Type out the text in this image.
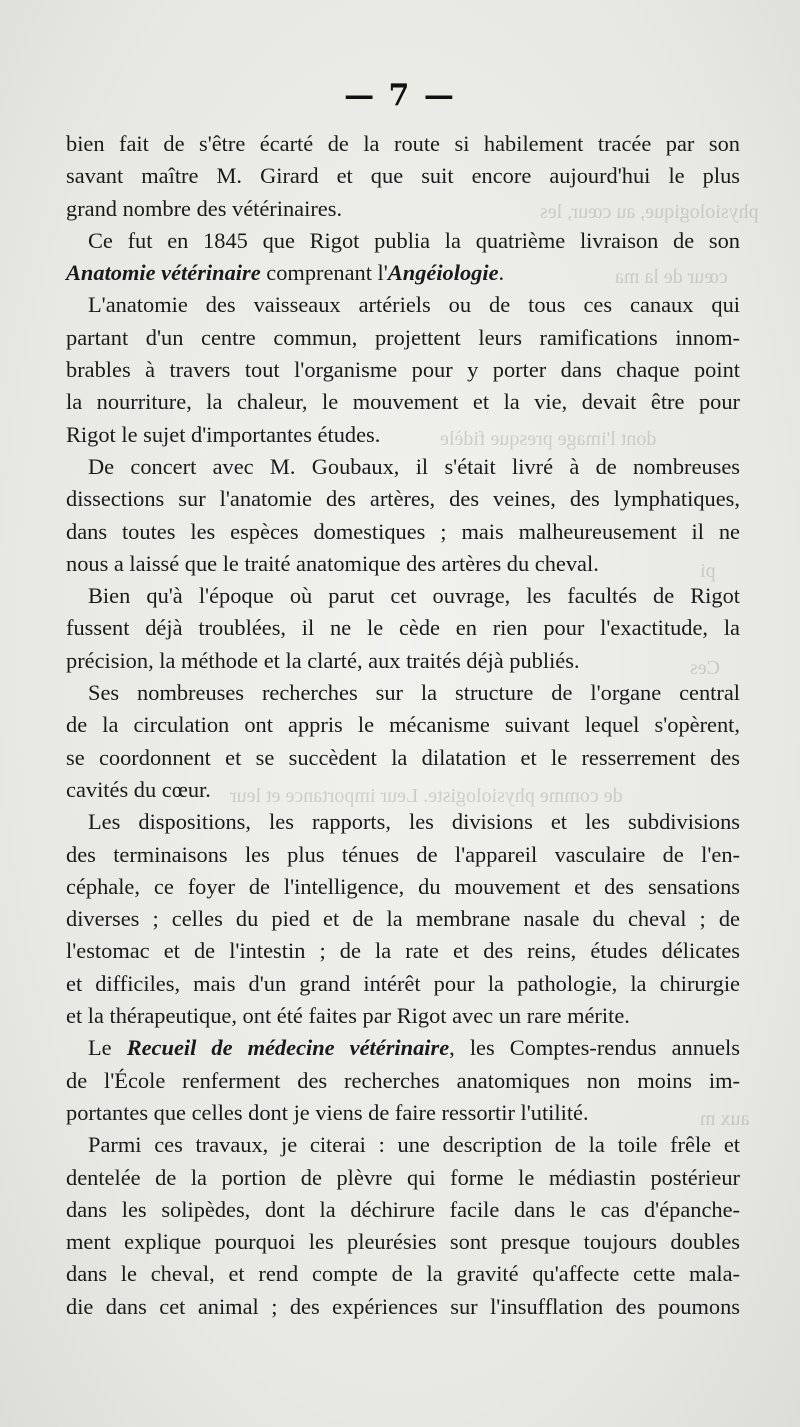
— 7 —
physiologique, au cœur, les
cœur de la ma
dont l'image presque fidèle
pi
de comme physiologiste. Leur importance et leur
Ces
aux m
bien fait de s'être écarté de la route si habilement tracée par son
savant maître M. Girard et que suit encore aujourd'hui le plus
grand nombre des vétérinaires.
Ce fut en 1845 que Rigot publia la quatrième livraison de son
Anatomie vétérinaire comprenant l'Angéiologie.
L'anatomie des vaisseaux artériels ou de tous ces canaux qui
partant d'un centre commun, projettent leurs ramifications innom-
brables à travers tout l'organisme pour y porter dans chaque point
la nourriture, la chaleur, le mouvement et la vie, devait être pour
Rigot le sujet d'importantes études.
De concert avec M. Goubaux, il s'était livré à de nombreuses
dissections sur l'anatomie des artères, des veines, des lymphatiques,
dans toutes les espèces domestiques ; mais malheureusement il ne
nous a laissé que le traité anatomique des artères du cheval.
Bien qu'à l'époque où parut cet ouvrage, les facultés de Rigot
fussent déjà troublées, il ne le cède en rien pour l'exactitude, la
précision, la méthode et la clarté, aux traités déjà publiés.
Ses nombreuses recherches sur la structure de l'organe central
de la circulation ont appris le mécanisme suivant lequel s'opèrent,
se coordonnent et se succèdent la dilatation et le resserrement des
cavités du cœur.
Les dispositions, les rapports, les divisions et les subdivisions
des terminaisons les plus ténues de l'appareil vasculaire de l'en-
céphale, ce foyer de l'intelligence, du mouvement et des sensations
diverses ; celles du pied et de la membrane nasale du cheval ; de
l'estomac et de l'intestin ; de la rate et des reins, études délicates
et difficiles, mais d'un grand intérêt pour la pathologie, la chirurgie
et la thérapeutique, ont été faites par Rigot avec un rare mérite.
Le Recueil de médecine vétérinaire, les Comptes-rendus annuels
de l'École renferment des recherches anatomiques non moins im-
portantes que celles dont je viens de faire ressortir l'utilité.
Parmi ces travaux, je citerai : une description de la toile frêle et
dentelée de la portion de plèvre qui forme le médiastin postérieur
dans les solipèdes, dont la déchirure facile dans le cas d'épanche-
ment explique pourquoi les pleurésies sont presque toujours doubles
dans le cheval, et rend compte de la gravité qu'affecte cette mala-
die dans cet animal ; des expériences sur l'insufflation des poumons
